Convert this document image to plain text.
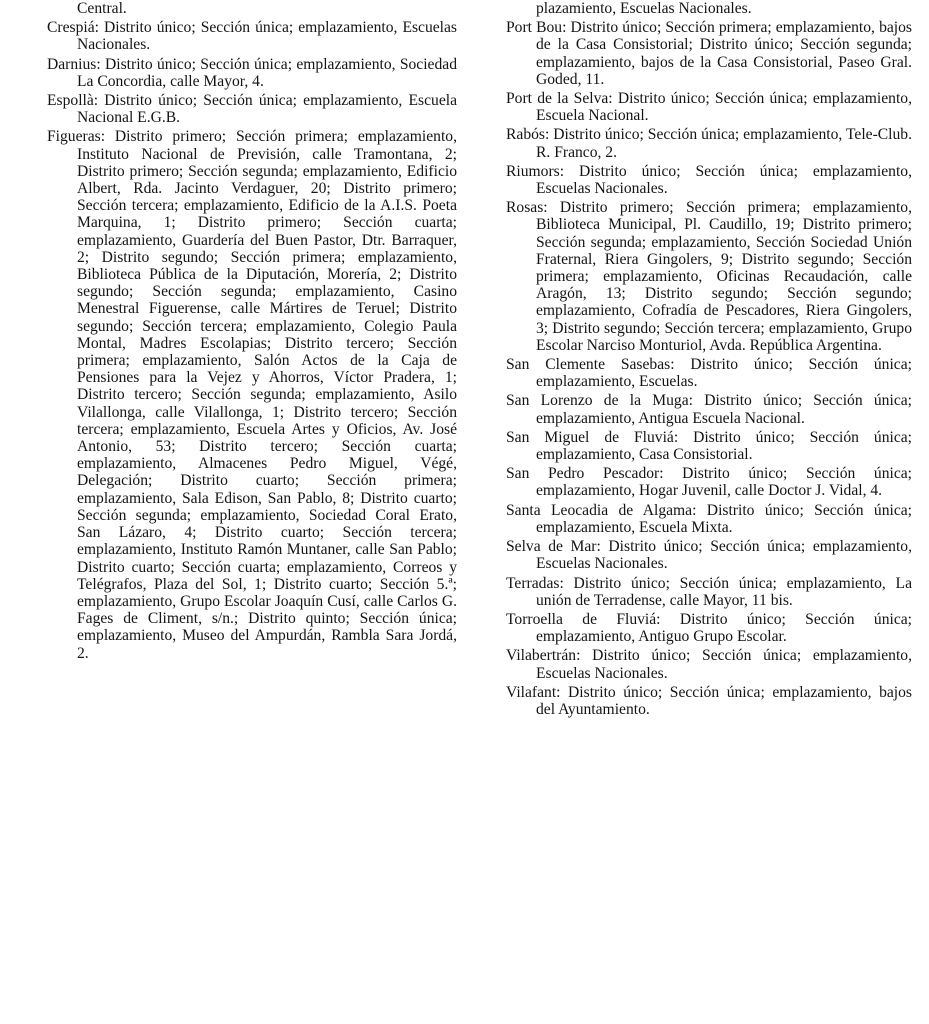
Central.

Crespiá: Distrito único; Sección única; emplazamiento, Escuelas Nacionales.

Darnius: Distrito único; Sección única; emplazamiento, Sociedad La Concordia, calle Mayor, 4.

Espollà: Distrito único; Sección única; emplazamiento, Escuela Nacional E.G.B.

Figueras: Distrito primero; Sección primera; emplazamiento, Instituto Nacional de Previsión, calle Tramontana, 2; Distrito primero; Sección segunda; emplazamiento, Edificio Albert, Rda. Jacinto Verdaguer, 20; Distrito primero; Sección tercera; emplazamiento, Edificio de la A.I.S. Poeta Marquina, 1; Distrito primero; Sección cuarta; emplazamiento, Guardería del Buen Pastor, Dtr. Barraquer, 2; Distrito segundo; Sección primera; emplazamiento, Biblioteca Pública de la Diputación, Morería, 2; Distrito segundo; Sección segunda; emplazamiento, Casino Menestral Figuerense, calle Mártires de Teruel; Distrito segundo; Sección tercera; emplazamiento, Colegio Paula Montal, Madres Escolapias; Distrito tercero; Sección primera; emplazamiento, Salón Actos de la Caja de Pensiones para la Vejez y Ahorros, Víctor Pradera, 1; Distrito tercero; Sección segunda; emplazamiento, Asilo Vilallonga, calle Vilallonga, 1; Distrito tercero; Sección tercera; emplazamiento, Escuela Artes y Oficios, Av. José Antonio, 53; Distrito tercero; Sección cuarta; emplazamiento, Almacenes Pedro Miguel, Végé, Delegación; Distrito cuarto; Sección primera; emplazamiento, Sala Edison, San Pablo, 8; Distrito cuarto; Sección segunda; emplazamiento, Sociedad Coral Erato, San Lázaro, 4; Distrito cuarto; Sección tercera; emplazamiento, Instituto Ramón Muntaner, calle San Pablo; Distrito cuarto; Sección cuarta; emplazamiento, Correos y Telégrafos, Plaza del Sol, 1; Distrito cuarto; Sección 5.ª; emplazamiento, Grupo Escolar Joaquín Cusí, calle Carlos G. Fages de Climent, s/n.; Distrito quinto; Sección única; emplazamiento, Museo del Ampurdán, Rambla Sara Jordá, 2.

plazamiento, Escuelas Nacionales.

Port Bou: Distrito único; Sección primera; emplazamiento, bajos de la Casa Consistorial; Distrito único; Sección segunda; emplazamiento, bajos de la Casa Consistorial, Paseo Gral. Goded, 11.

Port de la Selva: Distrito único; Sección única; emplazamiento, Escuela Nacional.

Rabós: Distrito único; Sección única; emplazamiento, Tele-Club. R. Franco, 2.

Riumors: Distrito único; Sección única; emplazamiento, Escuelas Nacionales.

Rosas: Distrito primero; Sección primera; emplazamiento, Biblioteca Municipal, Pl. Caudillo, 19; Distrito primero; Sección segunda; emplazamiento, Sección Sociedad Unión Fraternal, Riera Gingolers, 9; Distrito segundo; Sección primera; emplazamiento, Oficinas Recaudación, calle Aragón, 13; Distrito segundo; Sección segundo; emplazamiento, Cofradía de Pescadores, Riera Gingolers, 3; Distrito segundo; Sección tercera; emplazamiento, Grupo Escolar Narciso Monturiol, Avda. República Argentina.

San Clemente Sasebas: Distrito único; Sección única; emplazamiento, Escuelas.

San Lorenzo de la Muga: Distrito único; Sección única; emplazamiento, Antigua Escuela Nacional.

San Miguel de Fluviá: Distrito único; Sección única; emplazamiento, Casa Consistorial.

San Pedro Pescador: Distrito único; Sección única; emplazamiento, Hogar Juvenil, calle Doctor J. Vidal, 4.

Santa Leocadia de Algama: Distrito único; Sección única; emplazamiento, Escuela Mixta.

Selva de Mar: Distrito único; Sección única; emplazamiento, Escuelas Nacionales.

Terradas: Distrito único; Sección única; emplazamiento, La unión de Terradense, calle Mayor, 11 bis.

Torroella de Fluviá: Distrito único; Sección única; emplazamiento, Antiguo Grupo Escolar.

Vilabertrán: Distrito único; Sección única; emplazamiento, Escuelas Nacionales.

Vilafant: Distrito único; Sección única; emplazamiento, bajos del Ayuntamiento.
